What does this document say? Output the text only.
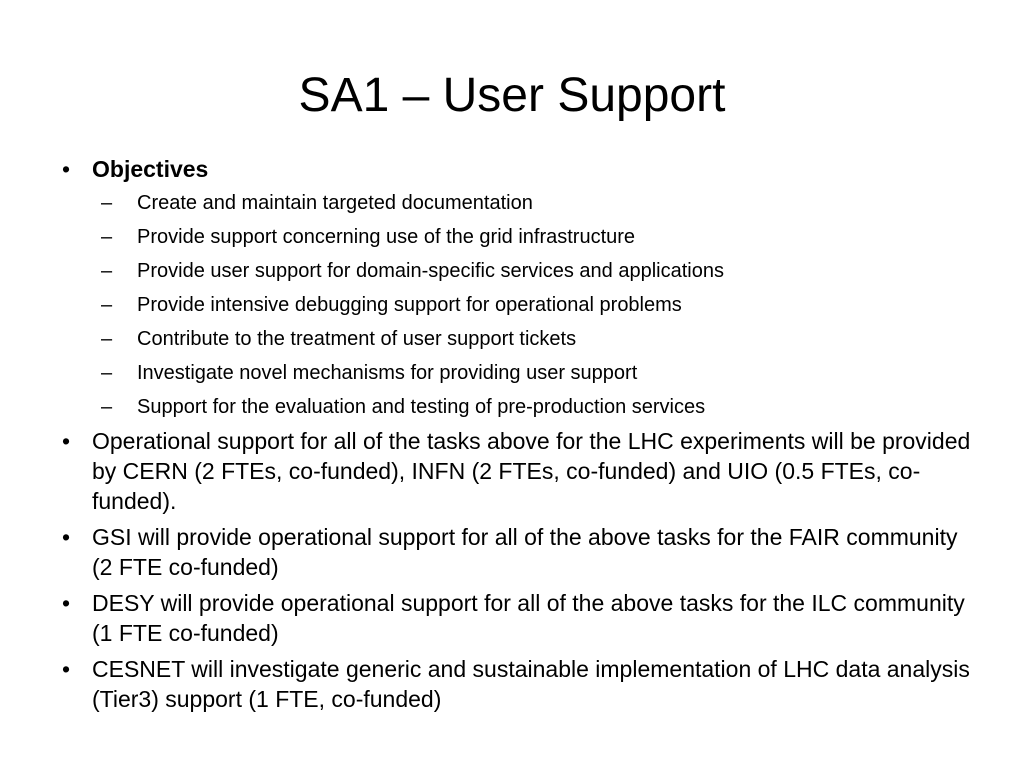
SA1 – User Support
• Objectives
– Create and maintain targeted documentation
– Provide support concerning use of the grid infrastructure
– Provide user support for domain-specific services and applications
– Provide intensive debugging support for operational problems
– Contribute to the treatment of user support tickets
– Investigate novel mechanisms for providing user support
– Support for the evaluation and testing of pre-production services
• Operational support for all of the tasks above for the LHC experiments will be provided by CERN (2 FTEs, co-funded), INFN (2 FTEs, co-funded) and UIO (0.5 FTEs, co-funded).
• GSI will provide operational support for all of the above tasks for the FAIR community (2 FTE co-funded)
• DESY will provide operational support for all of the above tasks for the ILC community (1 FTE co-funded)
• CESNET will investigate generic and sustainable implementation of LHC data analysis (Tier3) support (1 FTE, co-funded)
